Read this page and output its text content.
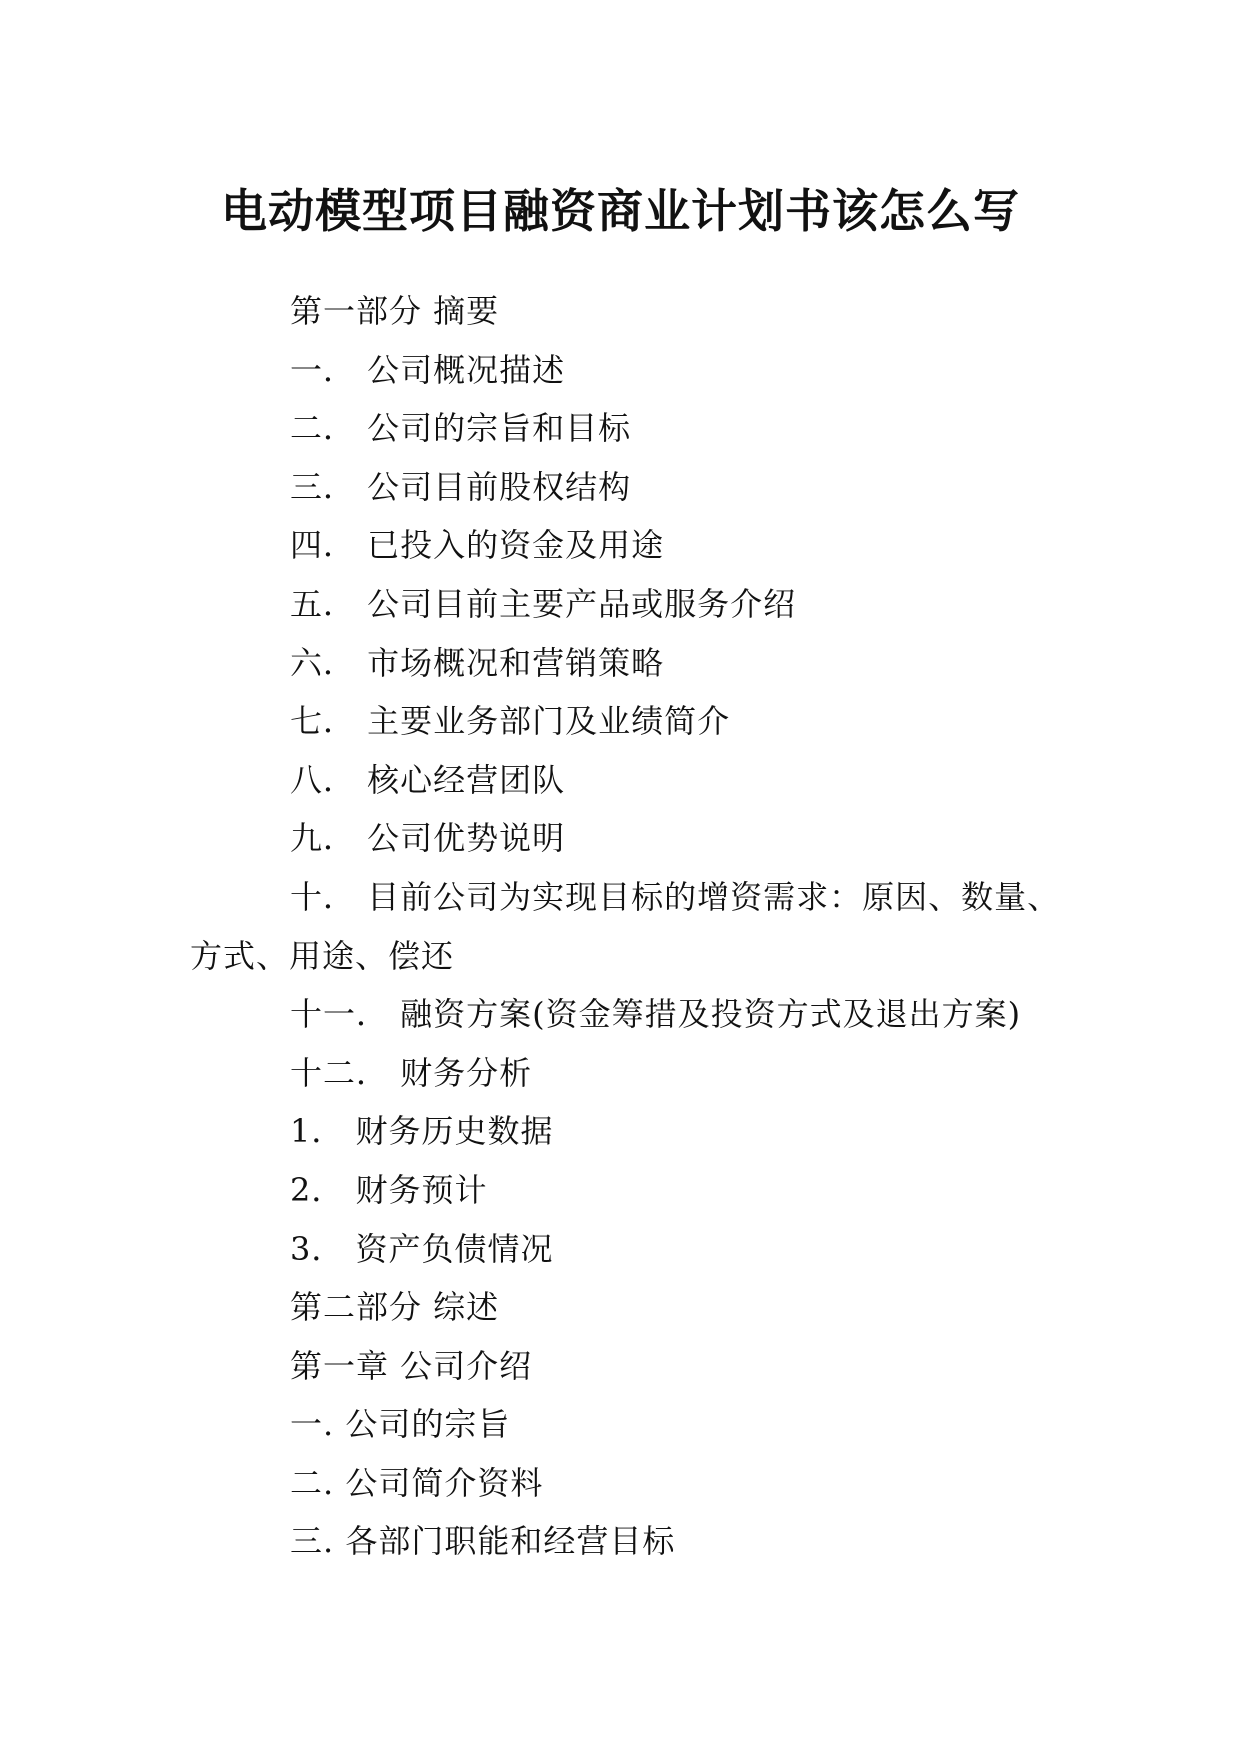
电动模型项目融资商业计划书该怎么写
第一部分 摘要
一． 公司概况描述
二． 公司的宗旨和目标
三． 公司目前股权结构
四． 已投入的资金及用途
五． 公司目前主要产品或服务介绍
六． 市场概况和营销策略
七． 主要业务部门及业绩简介
八． 核心经营团队
九． 公司优势说明
十． 目前公司为实现目标的增资需求：原因、数量、方式、用途、偿还
十一． 融资方案(资金筹措及投资方式及退出方案)
十二． 财务分析
1． 财务历史数据
2． 财务预计
3． 资产负债情况
第二部分 综述
第一章 公司介绍
一. 公司的宗旨
二. 公司简介资料
三. 各部门职能和经营目标
